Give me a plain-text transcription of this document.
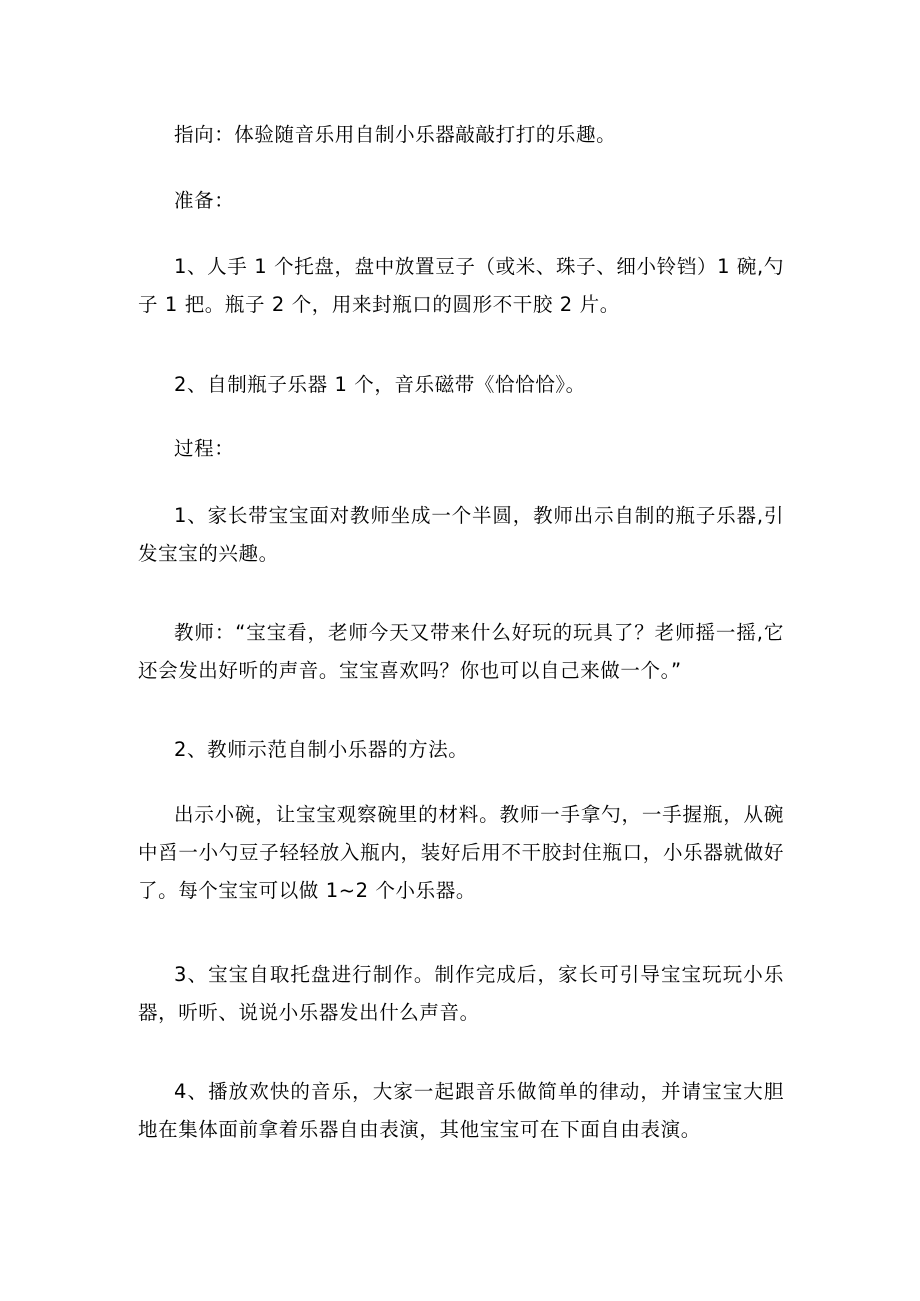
指向：体验随音乐用自制小乐器敲敲打打的乐趣。

准备：

1、人手 1 个托盘，盘中放置豆子（或米、珠子、细小铃铛）1 碗,勺子 1 把。瓶子 2 个，用来封瓶口的圆形不干胶 2 片。

2、自制瓶子乐器 1 个，音乐磁带《恰恰恰》。

过程：

1、家长带宝宝面对教师坐成一个半圆，教师出示自制的瓶子乐器,引发宝宝的兴趣。

教师：“宝宝看，老师今天又带来什么好玩的玩具了？老师摇一摇,它还会发出好听的声音。宝宝喜欢吗？你也可以自己来做一个。”

2、教师示范自制小乐器的方法。

出示小碗，让宝宝观察碗里的材料。教师一手拿勺，一手握瓶，从碗中舀一小勺豆子轻轻放入瓶内，装好后用不干胶封住瓶口，小乐器就做好了。每个宝宝可以做 1~2 个小乐器。

3、宝宝自取托盘进行制作。制作完成后，家长可引导宝宝玩玩小乐器，听听、说说小乐器发出什么声音。

4、播放欢快的音乐，大家一起跟音乐做简单的律动，并请宝宝大胆地在集体面前拿着乐器自由表演，其他宝宝可在下面自由表演。
